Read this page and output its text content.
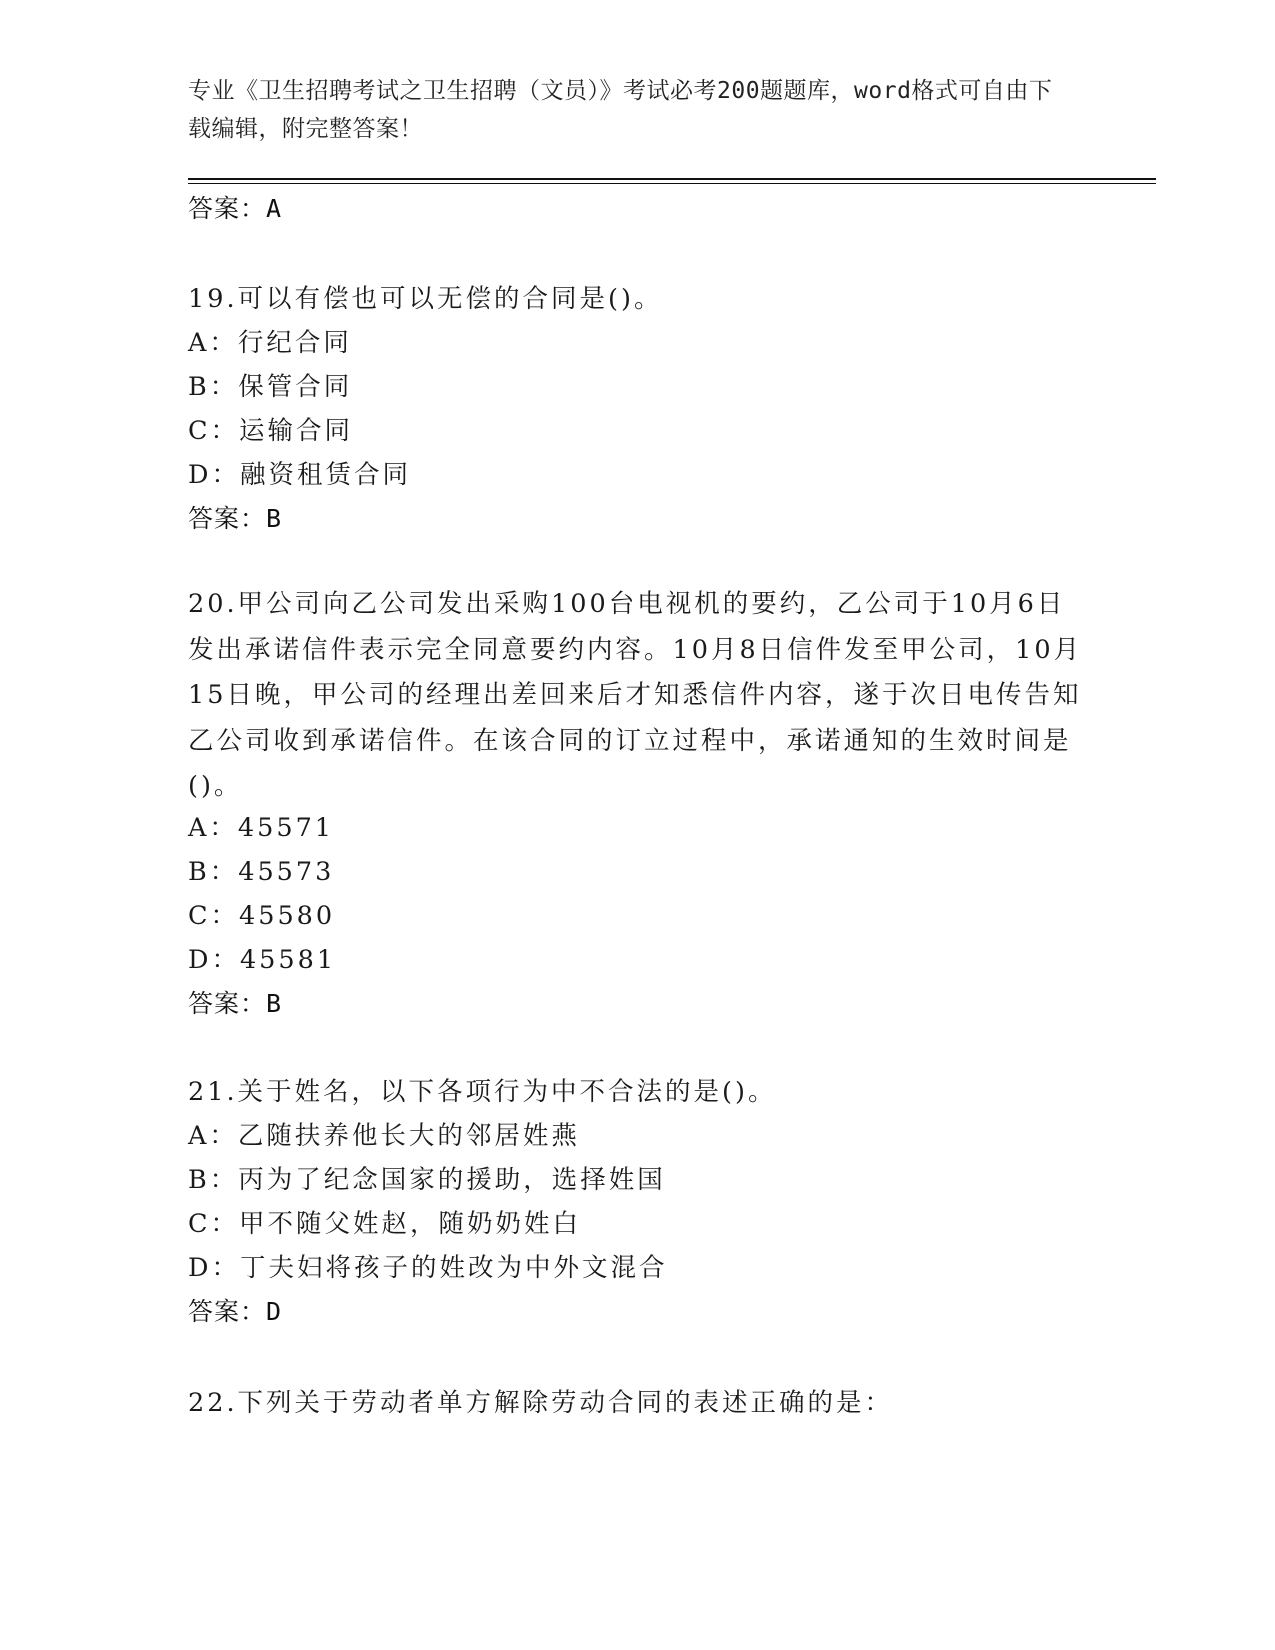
专业《卫生招聘考试之卫生招聘（文员）》考试必考200题题库，word格式可自由下载编辑，附完整答案！
答案：A
19.可以有偿也可以无偿的合同是()。
A：行纪合同
B：保管合同
C：运输合同
D：融资租赁合同
答案：B
20.甲公司向乙公司发出采购100台电视机的要约，乙公司于10月6日发出承诺信件表示完全同意要约内容。10月8日信件发至甲公司，10月15日晚，甲公司的经理出差回来后才知悉信件内容，遂于次日电传告知乙公司收到承诺信件。在该合同的订立过程中，承诺通知的生效时间是()。
A：45571
B：45573
C：45580
D：45581
答案：B
21.关于姓名，以下各项行为中不合法的是()。
A：乙随扶养他长大的邻居姓燕
B：丙为了纪念国家的援助，选择姓国
C：甲不随父姓赵，随奶奶姓白
D：丁夫妇将孩子的姓改为中外文混合
答案：D
22.下列关于劳动者单方解除劳动合同的表述正确的是：
